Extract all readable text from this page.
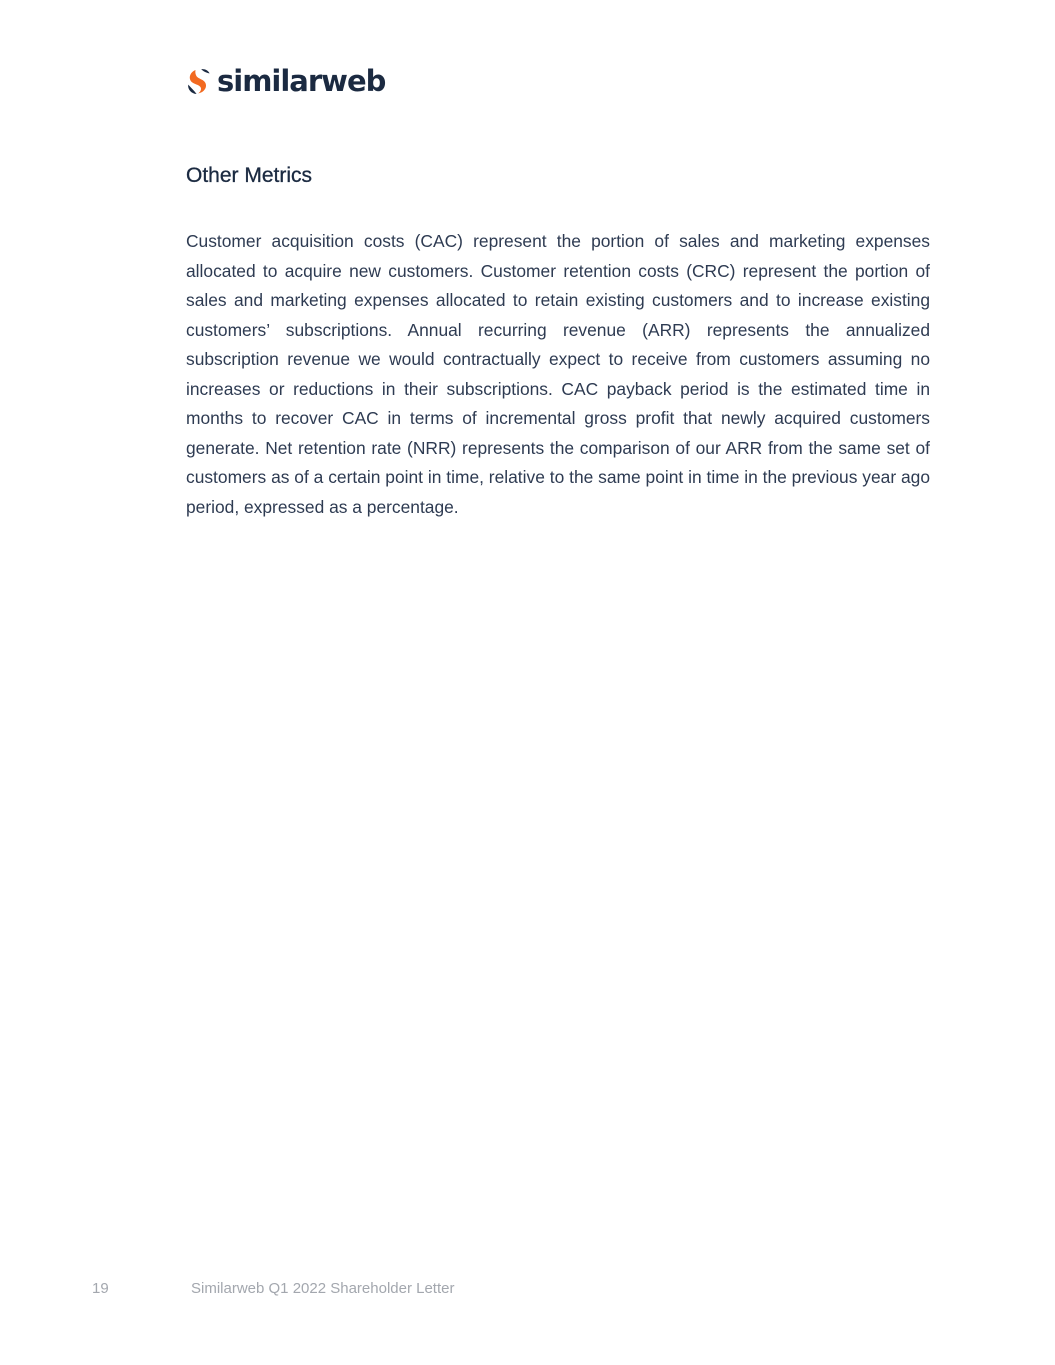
similarweb
Other Metrics

Customer acquisition costs (CAC) represent the portion of sales and marketing expenses allocated to acquire new customers. Customer retention costs (CRC) represent the portion of sales and marketing expenses allocated to retain existing customers and to increase existing customers’ subscriptions. Annual recurring revenue (ARR) represents the annualized subscription revenue we would contractually expect to receive from customers assuming no increases or reductions in their subscriptions. CAC payback period is the estimated time in months to recover CAC in terms of incremental gross profit that newly acquired customers generate. Net retention rate (NRR) represents the comparison of our ARR from the same set of customers as of a certain point in time, relative to the same point in time in the previous year ago period, expressed as a percentage.

19	Similarweb Q1 2022 Shareholder Letter
